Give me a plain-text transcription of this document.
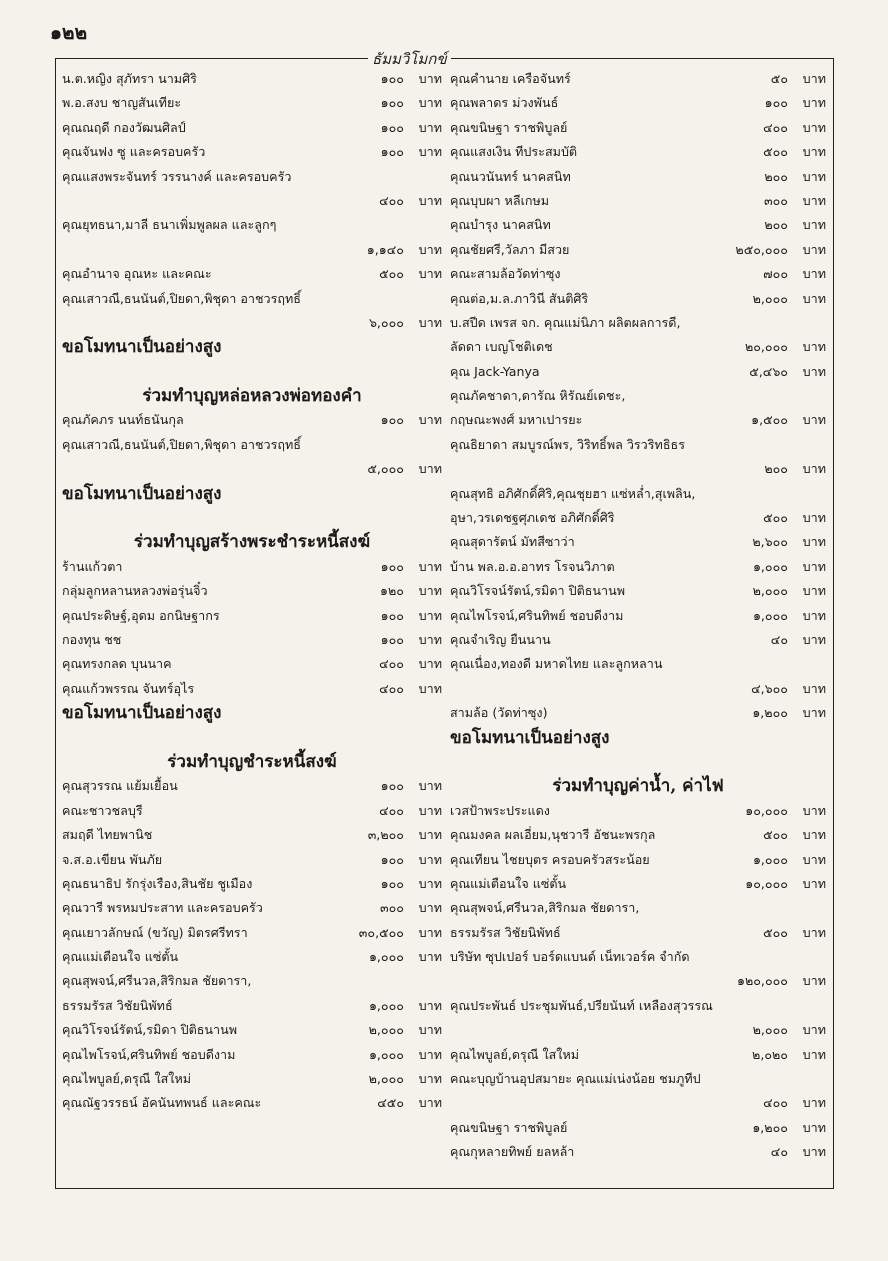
๑๒๒
ธัมมวิโมกข์
น.ต.หญิง สุภัทรา นามศิริ	๑๐๐	บาท
พ.อ.สงบ ชาญสันเทียะ	๑๐๐	บาท
คุณณฤดี กองวัฒนศิลป์	๑๐๐	บาท
คุณจันฟง ซู และครอบครัว	๑๐๐	บาท
คุณแสงพระจันทร์ วรรนางค์ และครอบครัว
๔๐๐	บาท
คุณยุทธนา,มาลี ธนาเพิ่มพูลผล และลูกๆ
๑,๑๔๐	บาท
คุณอำนาจ อุณหะ และคณะ	๕๐๐	บาท
คุณเสาวณี,ธนนันต์,ปิยดา,พิชุดา อาชวรฤทธิ์
๖,๐๐๐	บาท
ขอโมทนาเป็นอย่างสูง
ร่วมทำบุญหล่อหลวงพ่อทองคำ
คุณภัคภร นนท์ธนันกุล	๑๐๐	บาท
คุณเสาวณี,ธนนันต์,ปิยดา,พิชุดา อาชวรฤทธิ์
๕,๐๐๐	บาท
ขอโมทนาเป็นอย่างสูง
ร่วมทำบุญสร้างพระชำระหนี้สงฆ์
ร้านแก้วตา	๑๐๐	บาท
กลุ่มลูกหลานหลวงพ่อรุ่นจิ๋ว	๑๒๐	บาท
คุณประดิษฐ์,อุดม อกนิษฐากร	๑๐๐	บาท
กองทุน ชช	๑๐๐	บาท
คุณทรงกลด บุนนาค	๔๐๐	บาท
คุณแก้วพรรณ จันทร์อุไร	๔๐๐	บาท
ขอโมทนาเป็นอย่างสูง
ร่วมทำบุญชำระหนี้สงฆ์
คุณสุวรรณ แย้มเยื้อน	๑๐๐	บาท
คณะชาวชลบุรี	๔๐๐	บาท
สมฤดี ไทยพานิช	๓,๒๐๐	บาท
จ.ส.อ.เขียน พันภัย	๑๐๐	บาท
คุณธนาธิป รักรุ่งเรือง,สินชัย ชูเมือง	๑๐๐	บาท
คุณวารี พรหมประสาท และครอบครัว	๓๐๐	บาท
คุณเยาวลักษณ์ (ขวัญ) มิตรศรีทรา	๓๐,๕๐๐	บาท
คุณแม่เตือนใจ แซ่ตั้น	๑,๐๐๐	บาท
คุณสุพจน์,ศรีนวล,สิริกมล ชัยดารา,
ธรรมรัรส วิชัยนิพัทธ์	๑,๐๐๐	บาท
คุณวิโรจน์รัตน์,รมิดา ปิติธนานพ	๒,๐๐๐	บาท
คุณไพโรจน์,ศรินทิพย์ ชอบดีงาม	๑,๐๐๐	บาท
คุณไพบูลย์,ดรุณี ใสใหม่	๒,๐๐๐	บาท
คุณณัฐวรรธน์ อัคนันทพนธ์ และคณะ	๔๕๐	บาท
คุณคำนาย เครือจันทร์	๕๐	บาท
คุณพลาดร ม่วงพันธ์	๑๐๐	บาท
คุณขนิษฐา ราชพิบูลย์	๔๐๐	บาท
คุณแสงเงิน ทีประสมบัติ	๕๐๐	บาท
คุณนวนันทร์ นาคสนิท	๒๐๐	บาท
คุณบุบผา หลีเกษม	๓๐๐	บาท
คุณบำรุง นาคสนิท	๒๐๐	บาท
คุณชัยศรี,วัลภา มีสวย	๒๕๐,๐๐๐	บาท
คณะสามล้อวัดท่าซุง	๗๐๐	บาท
คุณต่อ,ม.ล.ภาวินี สันติศิริ	๒,๐๐๐	บาท
บ.สปีด เพรส จก. คุณแม่นิภา ผลิตผลการดี,
ลัดดา เบญโชติเดช	๒๐,๐๐๐	บาท
คุณ Jack-Yanya	๕,๔๖๐	บาท
คุณภัคชาดา,ดารัณ หิรัณย์เดชะ,
กฤษณะพงศ์ มหาเปารยะ	๑,๕๐๐	บาท
คุณธิยาดา สมบูรณ์พร, วิริทธิ์พล วิรวริทธิธร
๒๐๐	บาท
คุณสุทธิ อภิศักดิ์ศิริ,คุณชุยฮา แซ่หล่ำ,สุเพลิน,
อุษา,วรเดชฐศุภเดช อภิศักดิ์ศิริ	๕๐๐	บาท
คุณสุดารัตน์ มัทสีซาว่า	๒,๖๐๐	บาท
บ้าน พล.อ.อ.อาทร โรจนวิภาต	๑,๐๐๐	บาท
คุณวิโรจน์รัตน์,รมิดา ปิติธนานพ	๒,๐๐๐	บาท
คุณไพโรจน์,ศรินทิพย์ ชอบดีงาม	๑,๐๐๐	บาท
คุณจำเริญ ยืนนาน	๔๐	บาท
คุณเนื่อง,ทองดี มหาดไทย และลูกหลาน
๔,๖๐๐	บาท
สามล้อ (วัดท่าซุง)	๑,๒๐๐	บาท
ขอโมทนาเป็นอย่างสูง
ร่วมทำบุญค่าน้ำ, ค่าไฟ
เวสป้าพระประแดง	๑๐,๐๐๐	บาท
คุณมงคล ผลเอี่ยม,นุชวารี อัชนะพรกุล	๕๐๐	บาท
คุณเทียน ไชยบุตร ครอบครัวสระน้อย	๑,๐๐๐	บาท
คุณแม่เตือนใจ แซ่ตั้น	๑๐,๐๐๐	บาท
คุณสุพจน์,ศรีนวล,สิริกมล ชัยดารา,
ธรรมรัรส วิชัยนิพัทธ์	๕๐๐	บาท
บริษัท ซุปเปอร์ บอร์ดแบนด์ เน็ทเวอร์ค จำกัด
๑๒๐,๐๐๐	บาท
คุณประพันธ์ ประชุมพันธ์,ปรียนันท์ เหลืองสุวรรณ
๒,๐๐๐	บาท
คุณไพบูลย์,ดรุณี ใสใหม่	๒,๐๒๐	บาท
คณะบุญบ้านอุปสมายะ คุณแม่เน่งน้อย ชมภูทีป
๔๐๐	บาท
คุณขนิษฐา ราชพิบูลย์	๑,๒๐๐	บาท
คุณกุหลายทิพย์ ยลหล้า	๔๐	บาท
